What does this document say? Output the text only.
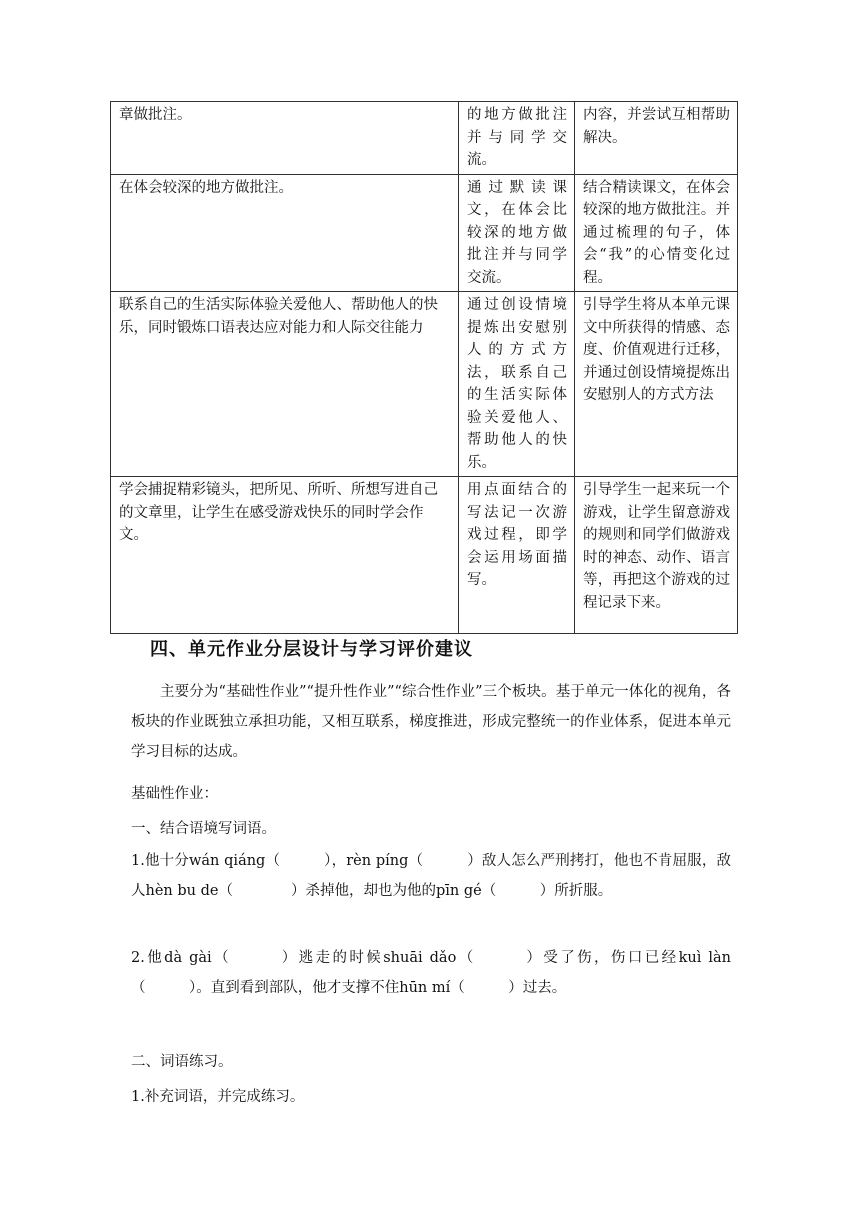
章做批注。	的地方做批注并与同学交流。	内容，并尝试互相帮助解决。
在体会较深的地方做批注。	通过默读课文，在体会比较深的地方做批注并与同学交流。	结合精读课文，在体会较深的地方做批注。并通过梳理的句子，体会“我”的心情变化过程。
联系自己的生活实际体验关爱他人、帮助他人的快乐，同时锻炼口语表达应对能力和人际交往能力	通过创设情境提炼出安慰别人的方式方法，联系自己的生活实际体验关爱他人、帮助他人的快乐。	引导学生将从本单元课文中所获得的情感、态度、价值观进行迁移，并通过创设情境提炼出安慰别人的方式方法
学会捕捉精彩镜头，把所见、所听、所想写进自己的文章里，让学生在感受游戏快乐的同时学会作文。	用点面结合的写法记一次游戏过程，即学会运用场面描写。	引导学生一起来玩一个游戏，让学生留意游戏的规则和同学们做游戏时的神态、动作、语言等，再把这个游戏的过程记录下来。
四、单元作业分层设计与学习评价建议
主要分为“基础性作业”“提升性作业”“综合性作业”三个板块。基于单元一体化的视角，各板块的作业既独立承担功能，又相互联系，梯度推进，形成完整统一的作业体系，促进本单元学习目标的达成。
基础性作业：
一、结合语境写词语。
1.他十分wán qiáng（　　　），rèn píng（　　　）敌人怎么严刑拷打，他也不肯屈服，敌人hèn bu de（　　　　）杀掉他，却也为他的pīn gé（　　　）所折服。
2.他dà gài（　　　）逃走的时候shuāi dǎo（　　　）受了伤，伤口已经kuì làn（　　　）。直到看到部队，他才支撑不住hūn mí（　　　）过去。
二、词语练习。
1.补充词语，并完成练习。
